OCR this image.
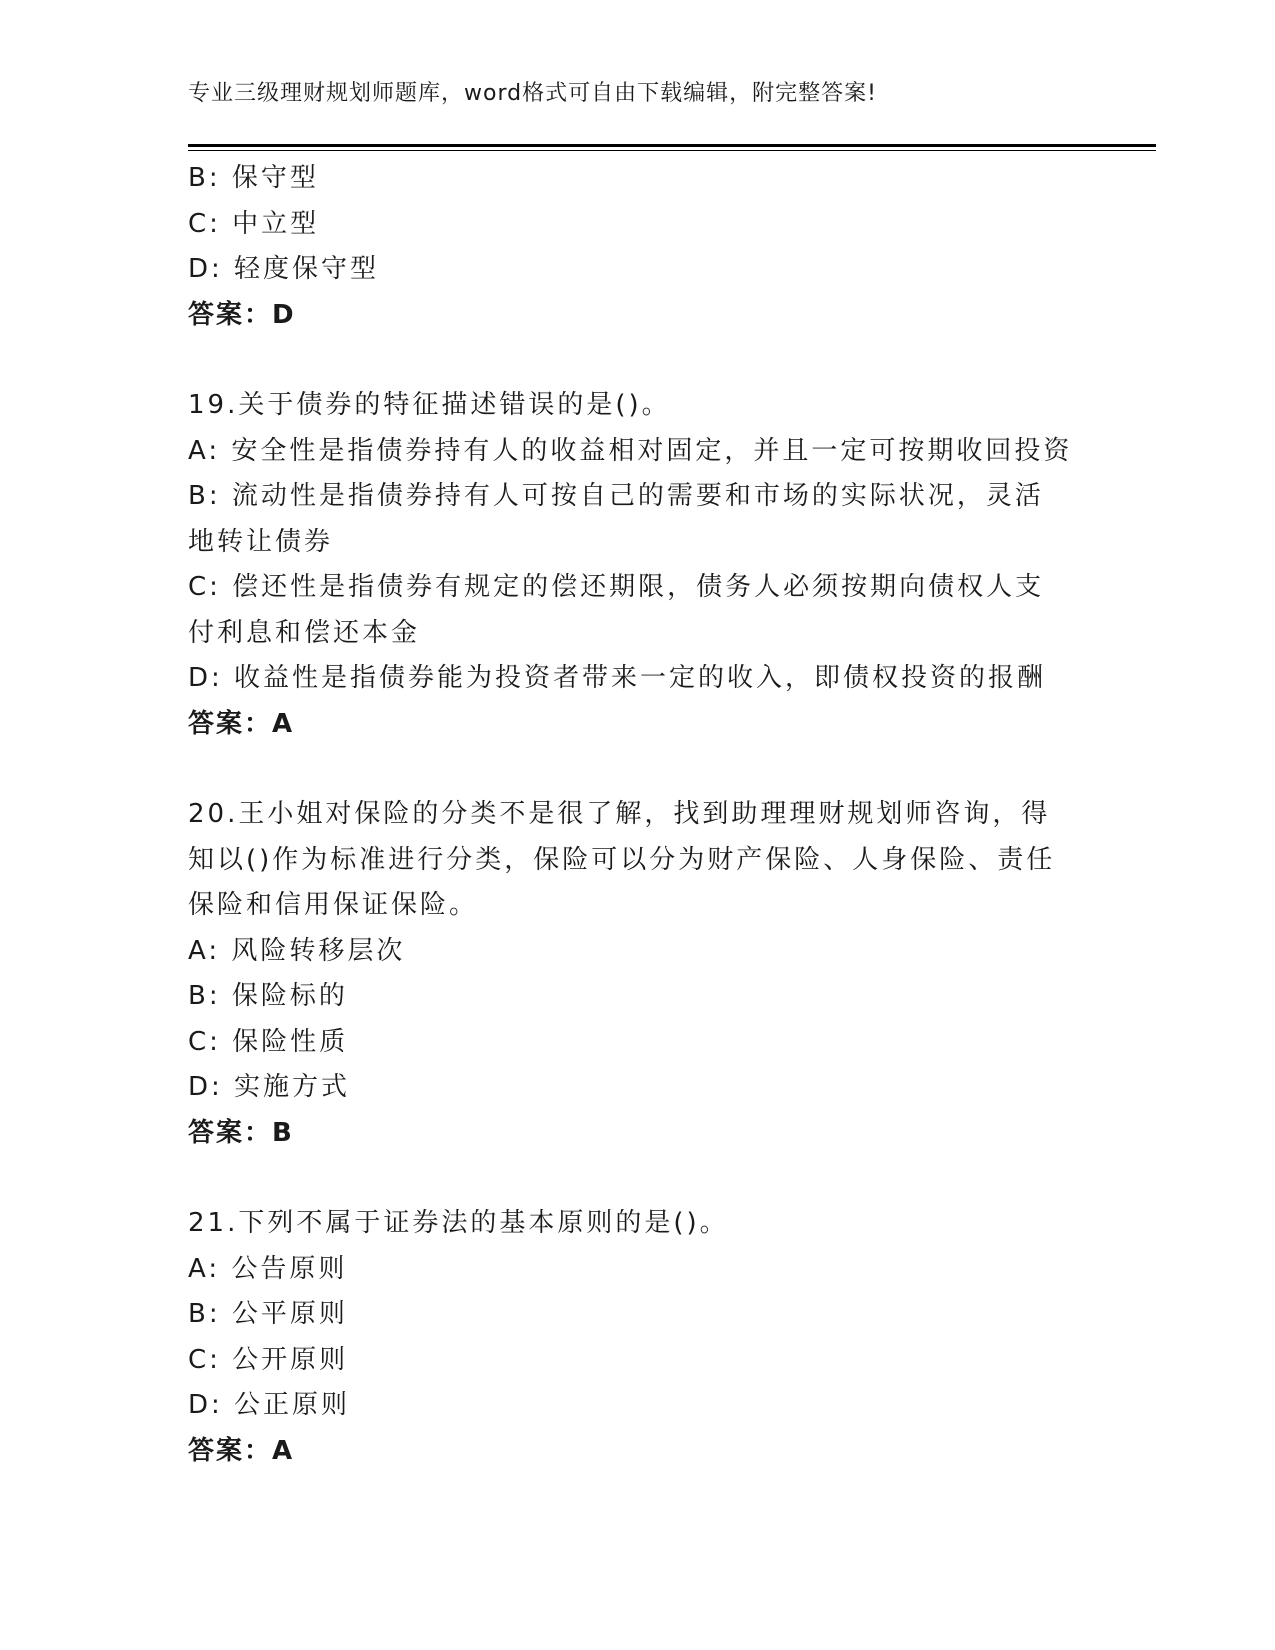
专业三级理财规划师题库，word格式可自由下载编辑，附完整答案!
B: 保守型
C: 中立型
D: 轻度保守型
答案：D
19.关于债券的特征描述错误的是()。
A: 安全性是指债券持有人的收益相对固定，并且一定可按期收回投资
B: 流动性是指债券持有人可按自己的需要和市场的实际状况，灵活地转让债券
C: 偿还性是指债券有规定的偿还期限，债务人必须按期向债权人支付利息和偿还本金
D: 收益性是指债券能为投资者带来一定的收入，即债权投资的报酬
答案：A
20.王小姐对保险的分类不是很了解，找到助理理财规划师咨询，得知以()作为标准进行分类，保险可以分为财产保险、人身保险、责任保险和信用保证保险。
A: 风险转移层次
B: 保险标的
C: 保险性质
D: 实施方式
答案：B
21.下列不属于证券法的基本原则的是()。
A: 公告原则
B: 公平原则
C: 公开原则
D: 公正原则
答案：A
